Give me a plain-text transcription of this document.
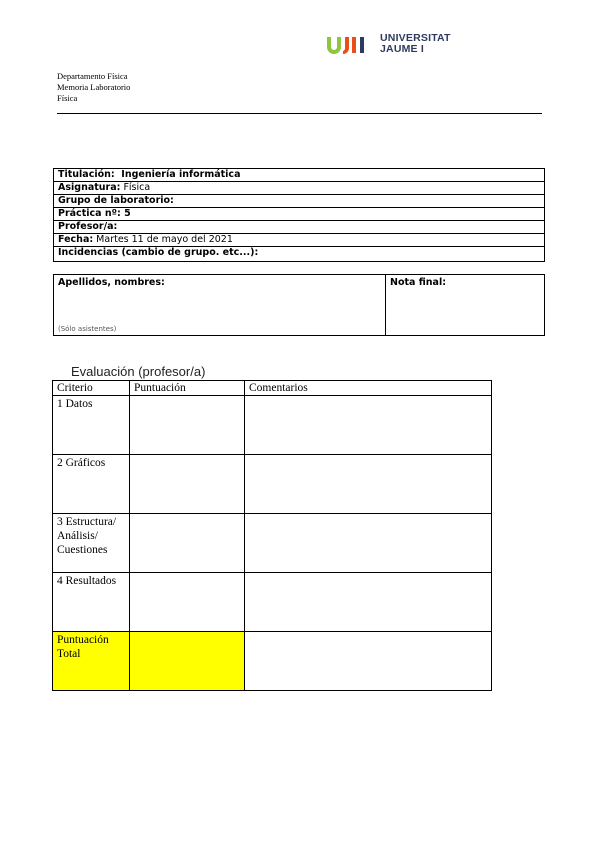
UNIVERSITAT
JAUME I
Departamento Física
Memoria Laboratorio
Física
Titulación:  Ingeniería informática
Asignatura: Física
Grupo de laboratorio:
Práctica nº: 5
Profesor/a:
Fecha: Martes 11 de mayo del 2021
Incidencias (cambio de grupo. etc...):
Apellidos, nombres:
(Sólo asistentes)
Nota final:
Evaluación (profesor/a)
Criterio	Puntuación	Comentarios
1 Datos		
2 Gráficos		
3 Estructura/ Análisis/ Cuestiones		
4 Resultados		
Puntuación Total		
